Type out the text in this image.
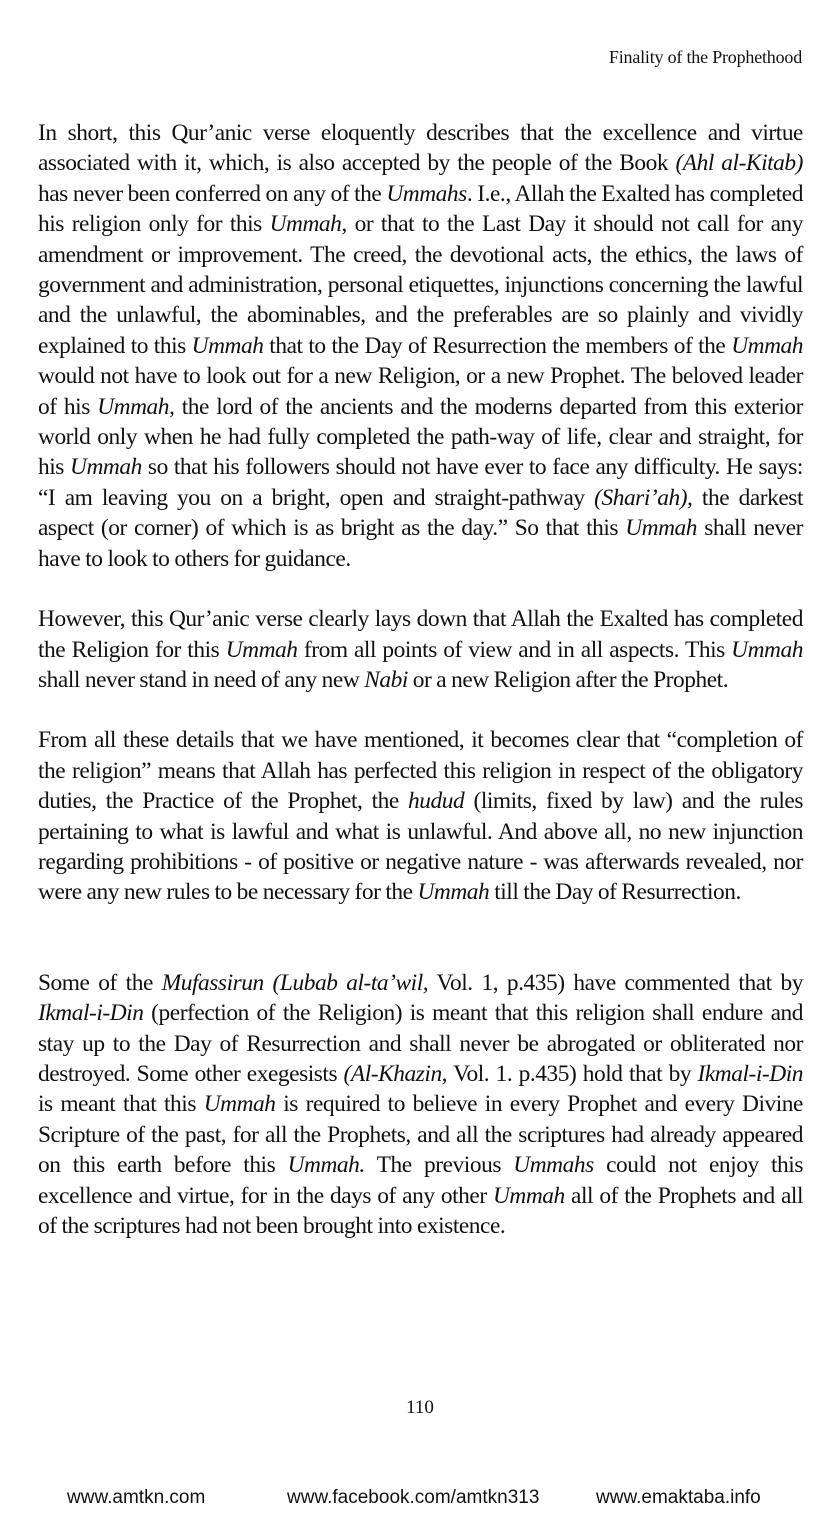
Finality of the Prophethood

In short, this Qur’anic verse eloquently describes that the excellence and virtue associated with it, which, is also accepted by the people of the Book (Ahl al-Kitab) has never been conferred on any of the Ummahs. I.e., Allah the Exalted has completed his religion only for this Ummah, or that to the Last Day it should not call for any amendment or improvement. The creed, the devotional acts, the ethics, the laws of government and administration, personal etiquettes, injunctions concerning the lawful and the unlawful, the abominables, and the preferables are so plainly and vividly explained to this Ummah that to the Day of Resurrection the members of the Ummah would not have to look out for a new Religion, or a new Prophet. The beloved leader of his Ummah, the lord of the ancients and the moderns departed from this exterior world only when he had fully completed the path-way of life, clear and straight, for his Ummah so that his followers should not have ever to face any difficulty. He says: “I am leaving you on a bright, open and straight-pathway (Shari’ah), the darkest aspect (or corner) of which is as bright as the day.” So that this Ummah shall never have to look to others for guidance.

However, this Qur’anic verse clearly lays down that Allah the Exalted has completed the Religion for this Ummah from all points of view and in all aspects. This Ummah shall never stand in need of any new Nabi or a new Religion after the Prophet.

From all these details that we have mentioned, it becomes clear that “completion of the religion” means that Allah has perfected this religion in respect of the obligatory duties, the Practice of the Prophet, the hudud (limits, fixed by law) and the rules pertaining to what is lawful and what is unlawful. And above all, no new injunction regarding prohibitions - of positive or negative nature - was afterwards revealed, nor were any new rules to be necessary for the Ummah till the Day of Resurrection.

Some of the Mufassirun (Lubab al-ta’wil, Vol. 1, p.435) have commented that by Ikmal-i-Din (perfection of the Religion) is meant that this religion shall endure and stay up to the Day of Resurrection and shall never be abrogated or obliterated nor destroyed. Some other exegesists (Al-Khazin, Vol. 1. p.435) hold that by Ikmal-i-Din is meant that this Ummah is required to believe in every Prophet and every Divine Scripture of the past, for all the Prophets, and all the scriptures had already appeared on this earth before this Ummah. The previous Ummahs could not enjoy this excellence and virtue, for in the days of any other Ummah all of the Prophets and all of the scriptures had not been brought into existence.

110
www.amtkn.com	www.facebook.com/amtkn313	www.emaktaba.info
